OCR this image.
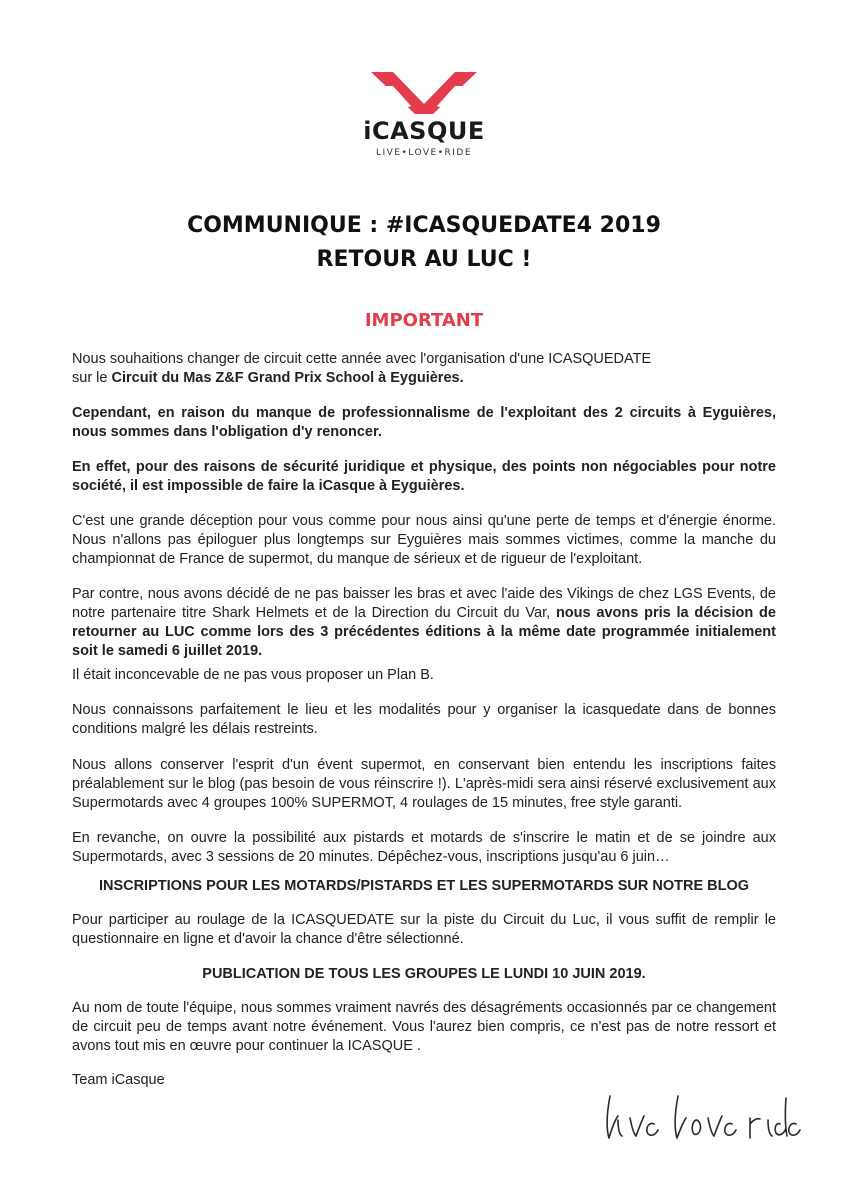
iCASQUE
LIVE•LOVE•RIDE
COMMUNIQUE : #ICASQUEDATE4 2019
RETOUR AU LUC !
IMPORTANT

Nous souhaitions changer de circuit cette année avec l'organisation d'une ICASQUEDATE
sur le Circuit du Mas Z&F Grand Prix School à Eyguières.

Cependant, en raison du manque de professionnalisme de l'exploitant des 2 circuits à Eyguières, nous sommes dans l'obligation d'y renoncer.

En effet, pour des raisons de sécurité juridique et physique, des points non négociables pour notre société, il est impossible de faire la iCasque à Eyguières.

C'est une grande déception pour vous comme pour nous ainsi qu'une perte de temps et d'énergie énorme. Nous n'allons pas épiloguer plus longtemps sur Eyguières mais sommes victimes, comme la manche du championnat de France de supermot, du manque de sérieux et de rigueur de l'exploitant.

Par contre, nous avons décidé de ne pas baisser les bras et avec l'aide des Vikings de chez LGS Events, de notre partenaire titre Shark Helmets et de la Direction du Circuit du Var, nous avons pris la décision de retourner au LUC comme lors des 3 précédentes éditions à la même date programmée initialement soit le samedi 6 juillet 2019.

Il était inconcevable de ne pas vous proposer un Plan B.

Nous connaissons parfaitement le lieu et les modalités pour y organiser la icasquedate dans de bonnes conditions malgré les délais restreints.

Nous allons conserver l'esprit d'un évent supermot, en conservant bien entendu les inscriptions faites préalablement sur le blog (pas besoin de vous réinscrire !). L'après-midi sera ainsi réservé exclusivement aux Supermotards avec 4 groupes 100% SUPERMOT, 4 roulages de 15 minutes, free style garanti.

En revanche, on ouvre la possibilité aux pistards et motards de s'inscrire le matin et de se joindre aux Supermotards, avec 3 sessions de 20 minutes. Dépêchez-vous, inscriptions jusqu'au 6 juin…

INSCRIPTIONS POUR LES MOTARDS/PISTARDS ET LES SUPERMOTARDS SUR NOTRE BLOG

Pour participer au roulage de la ICASQUEDATE sur la piste du Circuit du Luc, il vous suffit de remplir le questionnaire en ligne et d'avoir la chance d'être sélectionné.

PUBLICATION DE TOUS LES GROUPES LE LUNDI 10 JUIN 2019.

Au nom de toute l'équipe, nous sommes vraiment navrés des désagréments occasionnés par ce changement de circuit peu de temps avant notre événement. Vous l'aurez bien compris, ce n'est pas de notre ressort et avons tout mis en œuvre pour continuer la ICASQUE .

Team iCasque
